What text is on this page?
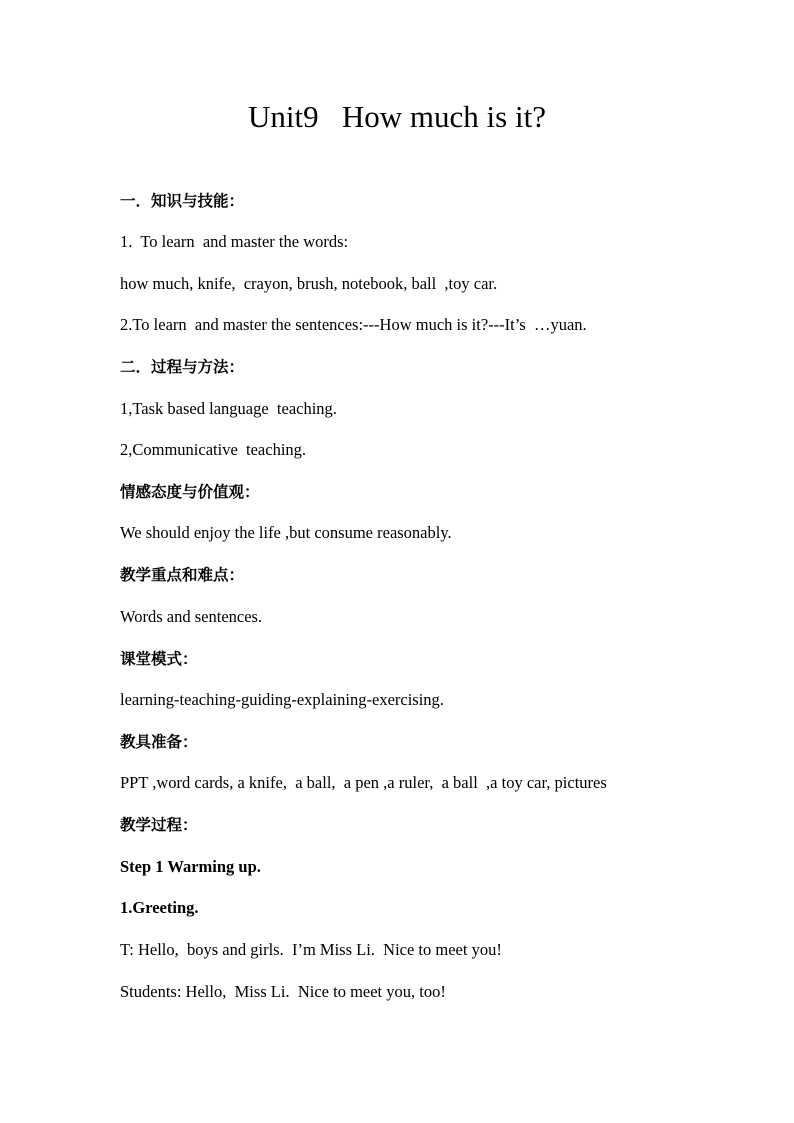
Unit9   How much is it?

一．知识与技能：

1.  To learn  and master the words:

how much, knife,  crayon, brush, notebook, ball  ,toy car.

2.To learn  and master the sentences:---How much is it?---It’s  …yuan.

二．过程与方法：

1,Task based language  teaching.

2,Communicative  teaching.

情感态度与价值观：

We should enjoy the life ,but consume reasonably.

教学重点和难点：

Words and sentences.

课堂模式：

learning-teaching-guiding-explaining-exercising.

教具准备：

PPT ,word cards, a knife,  a ball,  a pen ,a ruler,  a ball  ,a toy car, pictures

教学过程：

Step 1 Warming up.

1.Greeting.

T: Hello,  boys and girls.  I’m Miss Li.  Nice to meet you!

Students: Hello,  Miss Li.  Nice to meet you, too!
